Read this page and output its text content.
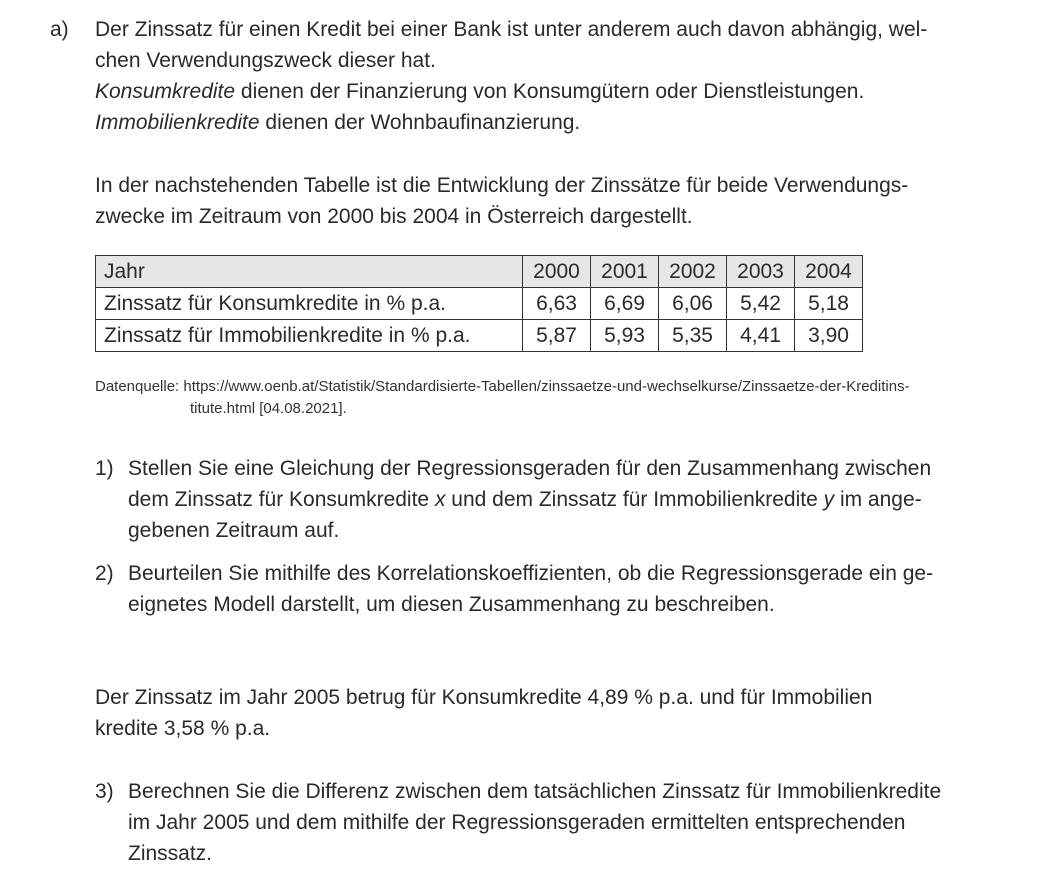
a) Der Zinssatz für einen Kredit bei einer Bank ist unter anderem auch davon abhängig, wel-
chen Verwendungszweck dieser hat.
Konsumkredite dienen der Finanzierung von Konsumgütern oder Dienstleistungen.
Immobilienkredite dienen der Wohnbaufinanzierung.
In der nachstehenden Tabelle ist die Entwicklung der Zinssätze für beide Verwendungs-
zwecke im Zeitraum von 2000 bis 2004 in Österreich dargestellt.
Jahr	2000	2001	2002	2003	2004
Zinssatz für Konsumkredite in % p.a.	6,63	6,69	6,06	5,42	5,18
Zinssatz für Immobilienkredite in % p.a.	5,87	5,93	5,35	4,41	3,90
Datenquelle: https://www.oenb.at/Statistik/Standardisierte-Tabellen/zinssaetze-und-wechselkurse/Zinssaetze-der-Kreditins-
titute.html [04.08.2021].
1) Stellen Sie eine Gleichung der Regressionsgeraden für den Zusammenhang zwischen
dem Zinssatz für Konsumkredite x und dem Zinssatz für Immobilienkredite y im ange-
gebenen Zeitraum auf.
2) Beurteilen Sie mithilfe des Korrelationskoeffizienten, ob die Regressionsgerade ein ge-
eignetes Modell darstellt, um diesen Zusammenhang zu beschreiben.
Der Zinssatz im Jahr 2005 betrug für Konsumkredite 4,89 % p.a. und für Immobilien
kredite 3,58 % p.a.
3) Berechnen Sie die Differenz zwischen dem tatsächlichen Zinssatz für Immobilienkredite
im Jahr 2005 und dem mithilfe der Regressionsgeraden ermittelten entsprechenden
Zinssatz.
